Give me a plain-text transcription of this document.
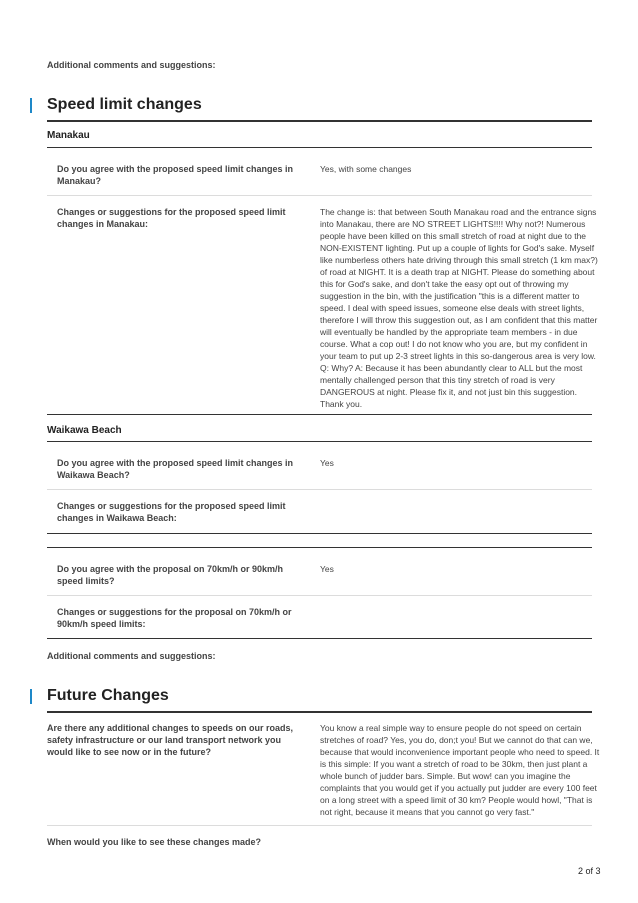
Additional comments and suggestions:
Speed limit changes
Manakau
Do you agree with the proposed speed limit changes in Manakau?
Yes, with some changes
Changes or suggestions for the proposed speed limit changes in Manakau:
The change is: that between South Manakau road and the entrance signs into Manakau, there are NO STREET LIGHTS!!!! Why not?! Numerous people have been killed on this small stretch of road at night due to the NON-EXISTENT lighting. Put up a couple of lights for God's sake. Myself like numberless others hate driving through this small stretch (1 km max?) of road at NIGHT. It is a death trap at NIGHT. Please do something about this for God's sake, and don't take the easy opt out of throwing my suggestion in the bin, with the justification "this is a different matter to speed. I deal with speed issues, someone else deals with street lights, therefore I will throw this suggestion out, as I am confident that this matter will eventually be handled by the appropriate team members - in due course. What a cop out! I do not know who you are, but my confident in your team to put up 2-3 street lights in this so-dangerous area is very low. Q: Why? A: Because it has been abundantly clear to ALL but the most mentally challenged person that this tiny stretch of road is very DANGEROUS at night. Please fix it, and not just bin this suggestion. Thank you.
Waikawa Beach
Do you agree with the proposed speed limit changes in Waikawa Beach?
Yes
Changes or suggestions for the proposed speed limit changes in Waikawa Beach:
Do you agree with the proposal on 70km/h or 90km/h speed limits?
Yes
Changes or suggestions for the proposal on 70km/h or 90km/h speed limits:
Additional comments and suggestions:
Future Changes
Are there any additional changes to speeds on our roads, safety infrastructure or our land transport network you would like to see now or in the future?
You know a real simple way to ensure people do not speed on certain stretches of road? Yes, you do, don;t you! But we cannot do that can we, because that would inconvenience important people who need to speed. It is this simple: If you want a stretch of road to be 30km, then just plant a whole bunch of judder bars. Simple. But wow! can you imagine the complaints that you would get if you actually put judder are every 100 feet on a long street with a speed limit of 30 km? People would howl, "That is not right, because it means that you cannot go very fast."
When would you like to see these changes made?
2 of 3
